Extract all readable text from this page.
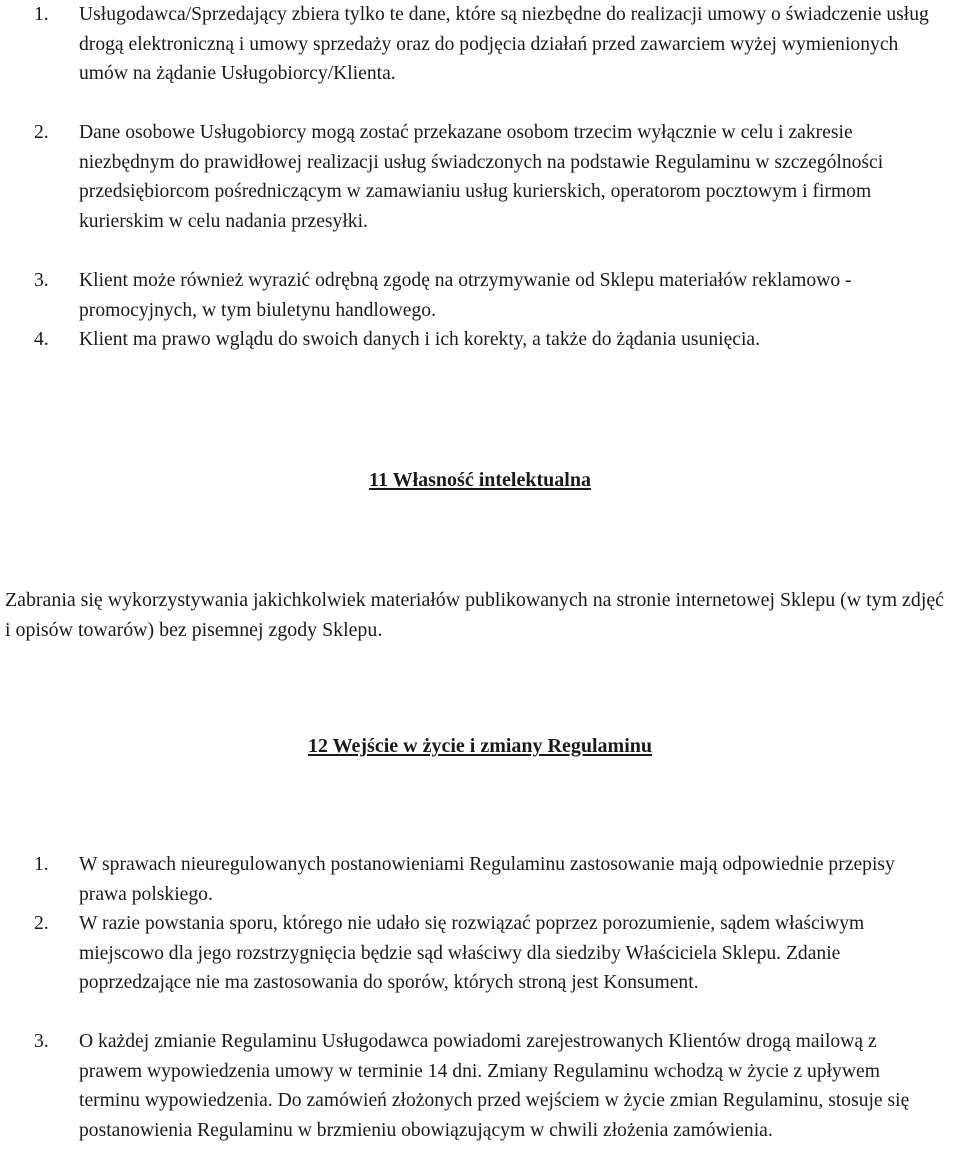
1.	Usługodawca/Sprzedający zbiera tylko te dane, które są niezbędne do realizacji umowy o świadczenie usług drogą elektroniczną i umowy sprzedaży oraz do podjęcia działań przed zawarciem wyżej wymienionych umów na żądanie Usługobiorcy/Klienta.
2.	Dane osobowe Usługobiorcy mogą zostać przekazane osobom trzecim wyłącznie w celu i zakresie niezbędnym do prawidłowej realizacji usług świadczonych na podstawie Regulaminu w szczególności przedsiębiorcom pośredniczącym w zamawianiu usług kurierskich, operatorom pocztowym i firmom kurierskim w celu nadania przesyłki.
3.	Klient może również wyrazić odrębną zgodę na otrzymywanie od Sklepu materiałów reklamowo - promocyjnych, w tym biuletynu handlowego.
4.	Klient ma prawo wglądu do swoich danych i ich korekty, a także do żądania usunięcia.
11 Własność intelektualna
Zabrania się wykorzystywania jakichkolwiek materiałów publikowanych na stronie internetowej Sklepu (w tym zdjęć i opisów towarów) bez pisemnej zgody Sklepu.
12 Wejście w życie i zmiany Regulaminu
1.	W sprawach nieuregulowanych postanowieniami Regulaminu zastosowanie mają odpowiednie przepisy prawa polskiego.
2.	W razie powstania sporu, którego nie udało się rozwiązać poprzez porozumienie, sądem właściwym miejscowo dla jego rozstrzygnięcia będzie sąd właściwy dla siedziby Właściciela Sklepu. Zdanie poprzedzające nie ma zastosowania do sporów, których stroną jest Konsument.
3.	O każdej zmianie Regulaminu Usługodawca powiadomi zarejestrowanych Klientów drogą mailową z prawem wypowiedzenia umowy w terminie 14 dni. Zmiany Regulaminu wchodzą w życie z upływem terminu wypowiedzenia. Do zamówień złożonych przed wejściem w życie zmian Regulaminu, stosuje się postanowienia Regulaminu w brzmieniu obowiązującym w chwili złożenia zamówienia.
